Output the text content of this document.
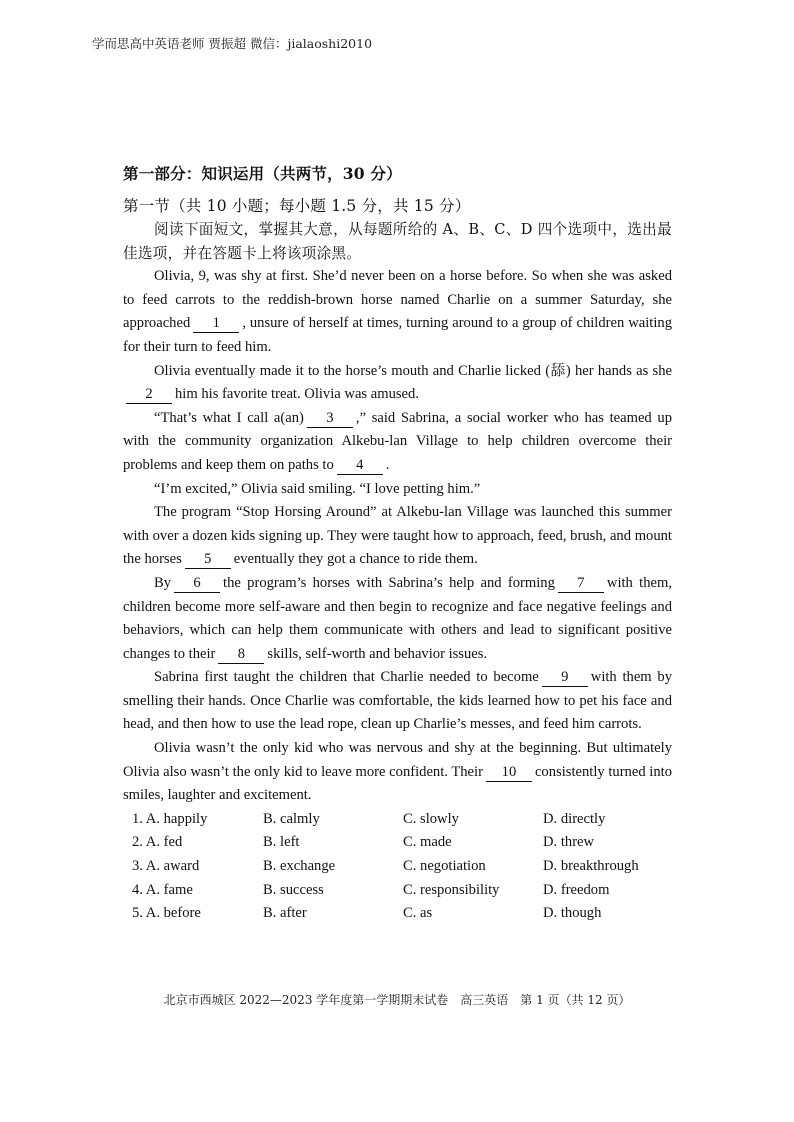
学而思高中英语老师 贾振超 微信：jialaoshi2010

第一部分：知识运用（共两节，30 分）

第一节（共 10 小题；每小题 1.5 分，共 15 分）

阅读下面短文，掌握其大意，从每题所给的 A、B、C、D 四个选项中，选出最佳选项，并在答题卡上将该项涂黑。

Olivia, 9, was shy at first. She’d never been on a horse before. So when she was asked to feed carrots to the reddish-brown horse named Charlie on a summer Saturday, she approached 1 , unsure of herself at times, turning around to a group of children waiting for their turn to feed him.

Olivia eventually made it to the horse’s mouth and Charlie licked (舔) her hands as she2 him his favorite treat. Olivia was amused.

“That’s what I call a(an) 3 ,” said Sabrina, a social worker who has teamed up with the community organization Alkebu-lan Village to help children overcome their problems and keep them on paths to 4 .

“I’m excited,” Olivia said smiling. “I love petting him.”

The program “Stop Horsing Around” at Alkebu-lan Village was launched this summer with over a dozen kids signing up. They were taught how to approach, feed, brush, and mount the horses 5 eventually they got a chance to ride them.

By 6 the program’s horses with Sabrina’s help and forming 7 with them, children become more self-aware and then begin to recognize and face negative feelings and behaviors, which can help them communicate with others and lead to significant positive changes to their 8 skills, self-worth and behavior issues.

Sabrina first taught the children that Charlie needed to become 9 with them by smelling their hands. Once Charlie was comfortable, the kids learned how to pet his face and head, and then how to use the lead rope, clean up Charlie’s messes, and feed him carrots.

Olivia wasn’t the only kid who was nervous and shy at the beginning. But ultimately Olivia also wasn’t the only kid to leave more confident. Their 10 consistently turned into smiles, laughter and excitement.

1. A. happily	B. calmly	C. slowly	D. directly
2. A. fed	B. left	C. made	D. threw
3. A. award	B. exchange	C. negotiation	D. breakthrough
4. A. fame	B. success	C. responsibility	D. freedom
5. A. before	B. after	C. as	D. though
北京市西城区 2022—2023 学年度第一学期期末试卷　高三英语　第 1 页（共 12 页）
